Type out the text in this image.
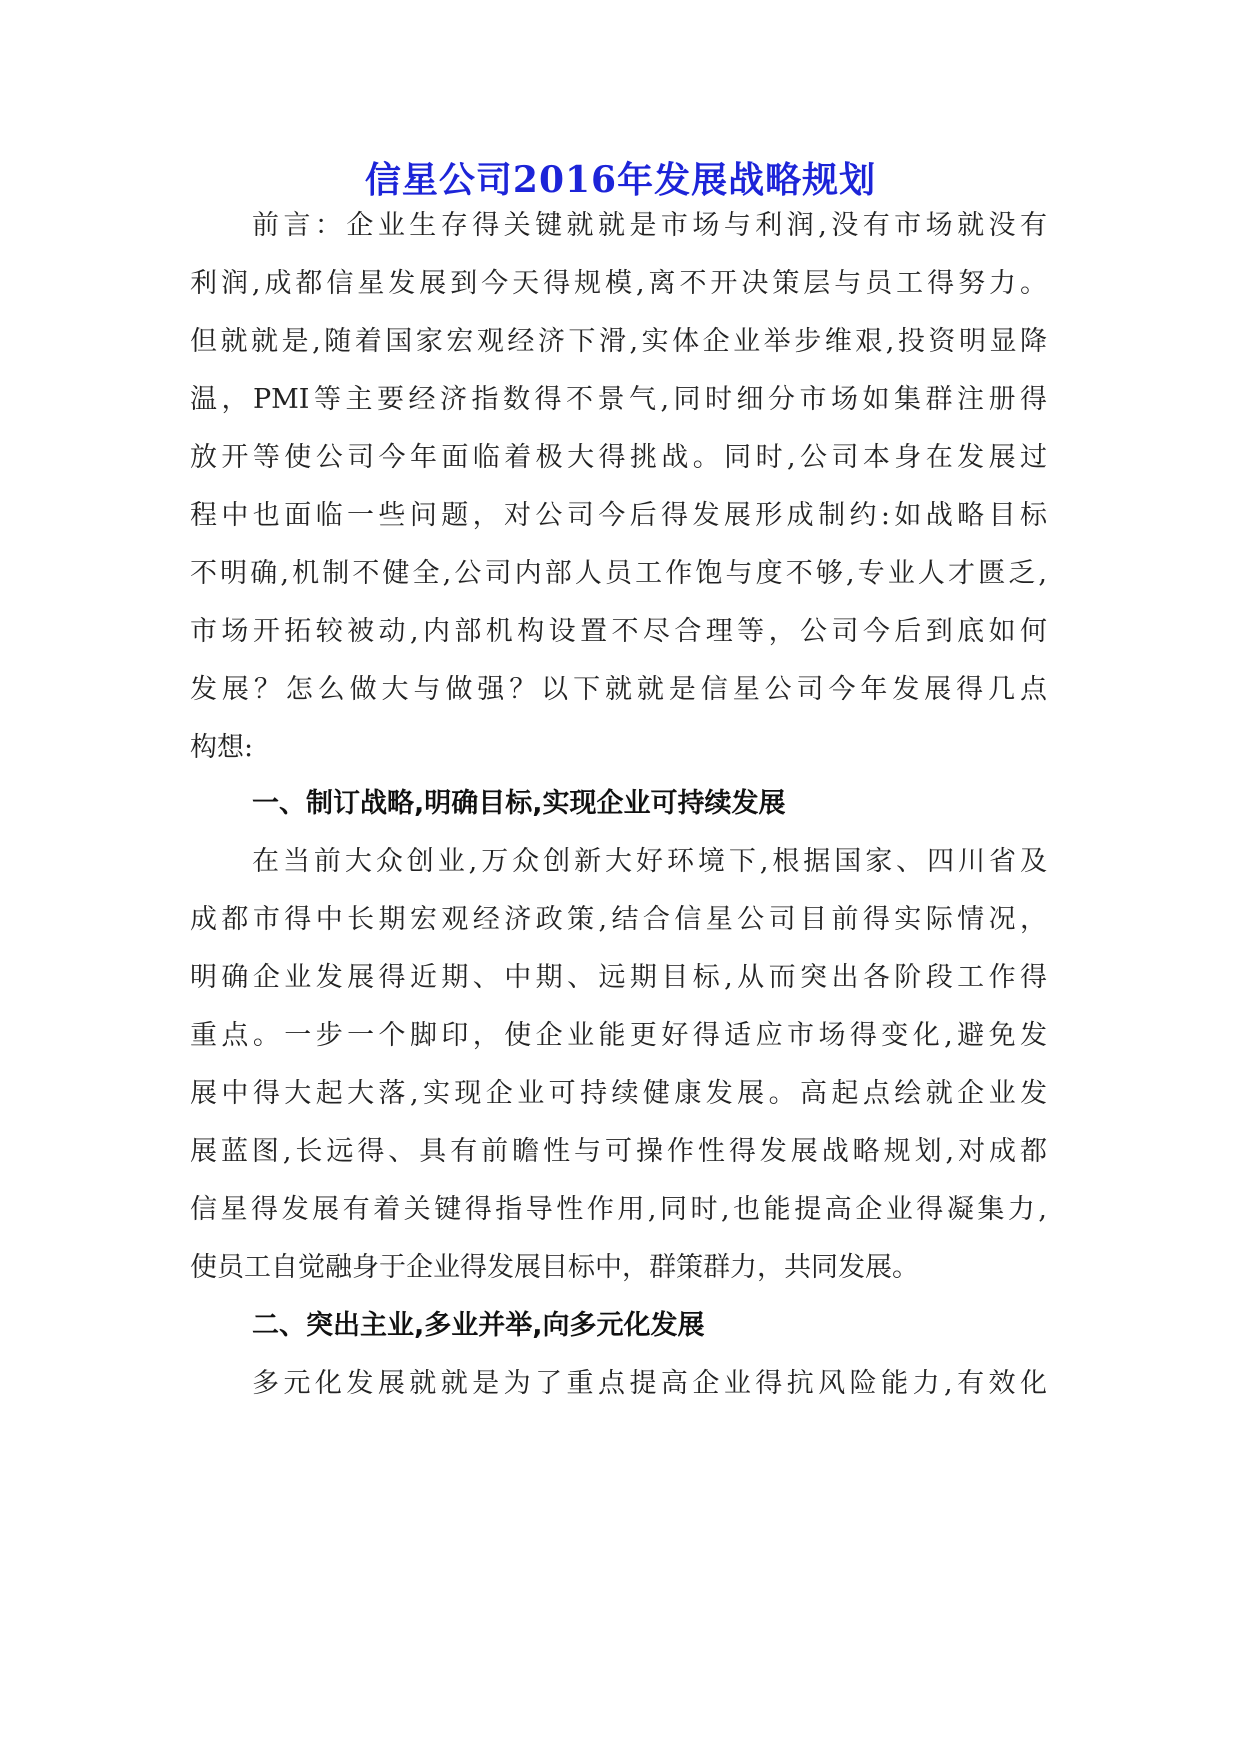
信星公司2016年发展战略规划
前言：企业生存得关键就就是市场与利润,没有市场就没有
利润,成都信星发展到今天得规模,离不开决策层与员工得努力。
但就就是,随着国家宏观经济下滑,实体企业举步维艰,投资明显降
温，PMI等主要经济指数得不景气,同时细分市场如集群注册得
放开等使公司今年面临着极大得挑战。同时,公司本身在发展过
程中也面临一些问题，对公司今后得发展形成制约:如战略目标
不明确,机制不健全,公司内部人员工作饱与度不够,专业人才匮乏,
市场开拓较被动,内部机构设置不尽合理等，公司今后到底如何
发展？怎么做大与做强？以下就就是信星公司今年发展得几点
构想:
一、制订战略,明确目标,实现企业可持续发展
在当前大众创业,万众创新大好环境下,根据国家、四川省及
成都市得中长期宏观经济政策,结合信星公司目前得实际情况，
明确企业发展得近期、中期、远期目标,从而突出各阶段工作得
重点。一步一个脚印，使企业能更好得适应市场得变化,避免发
展中得大起大落,实现企业可持续健康发展。高起点绘就企业发
展蓝图,长远得、具有前瞻性与可操作性得发展战略规划,对成都
信星得发展有着关键得指导性作用,同时,也能提高企业得凝集力,
使员工自觉融身于企业得发展目标中，群策群力，共同发展。
二、突出主业,多业并举,向多元化发展
多元化发展就就是为了重点提高企业得抗风险能力,有效化
